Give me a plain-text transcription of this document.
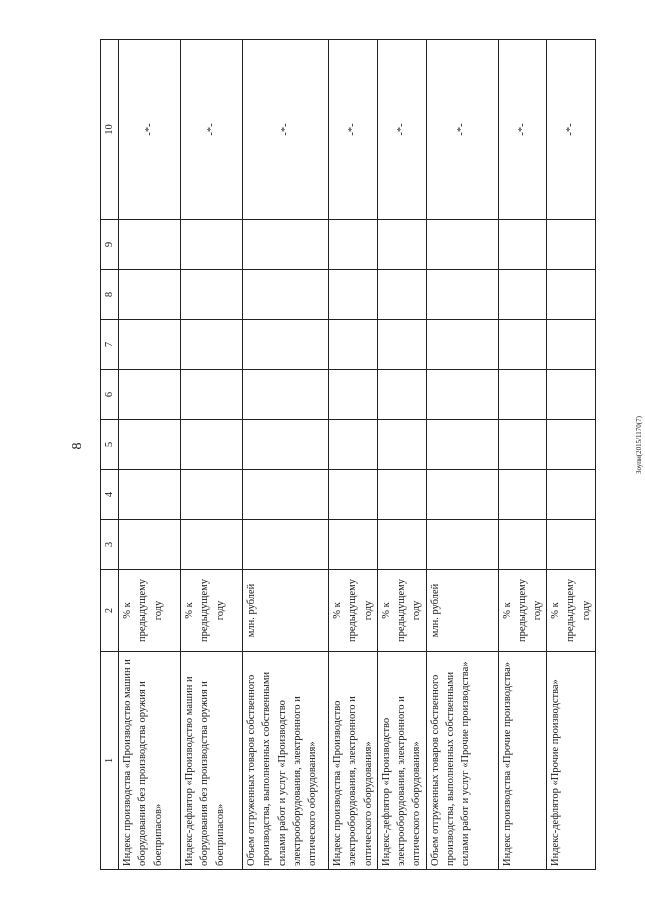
8	Зоупи(2015/1170(7)
1	2	3	4	5	6	7	8	9	10
Индекс производства «Производство машин и оборудования без производства оружия и боеприпасов»	% к предыдущему году								-*-
Индекс-дефлятор «Производство машин и оборудования без производства оружия и боеприпасов»	% к предыдущему году								-*-
Объем отгруженных товаров собственного производства, выполненных собственными силами работ и услуг «Производство электрооборудования, электронного и оптического оборудования»	млн. рублей								-*-
Индекс производства «Производство электрооборудования, электронного и оптического оборудования»	% к предыдущему году								-*-
Индекс-дефлятор «Производство электрооборудования, электронного и оптического оборудования»	% к предыдущему году								-*-
Объем отгруженных товаров собственного производства, выполненных собственными силами работ и услуг «Прочие производства»	млн. рублей								-*-
Индекс производства «Прочие производства»	% к предыдущему году								-*-
Индекс-дефлятор «Прочие производства»	% к предыдущему году								-*-
